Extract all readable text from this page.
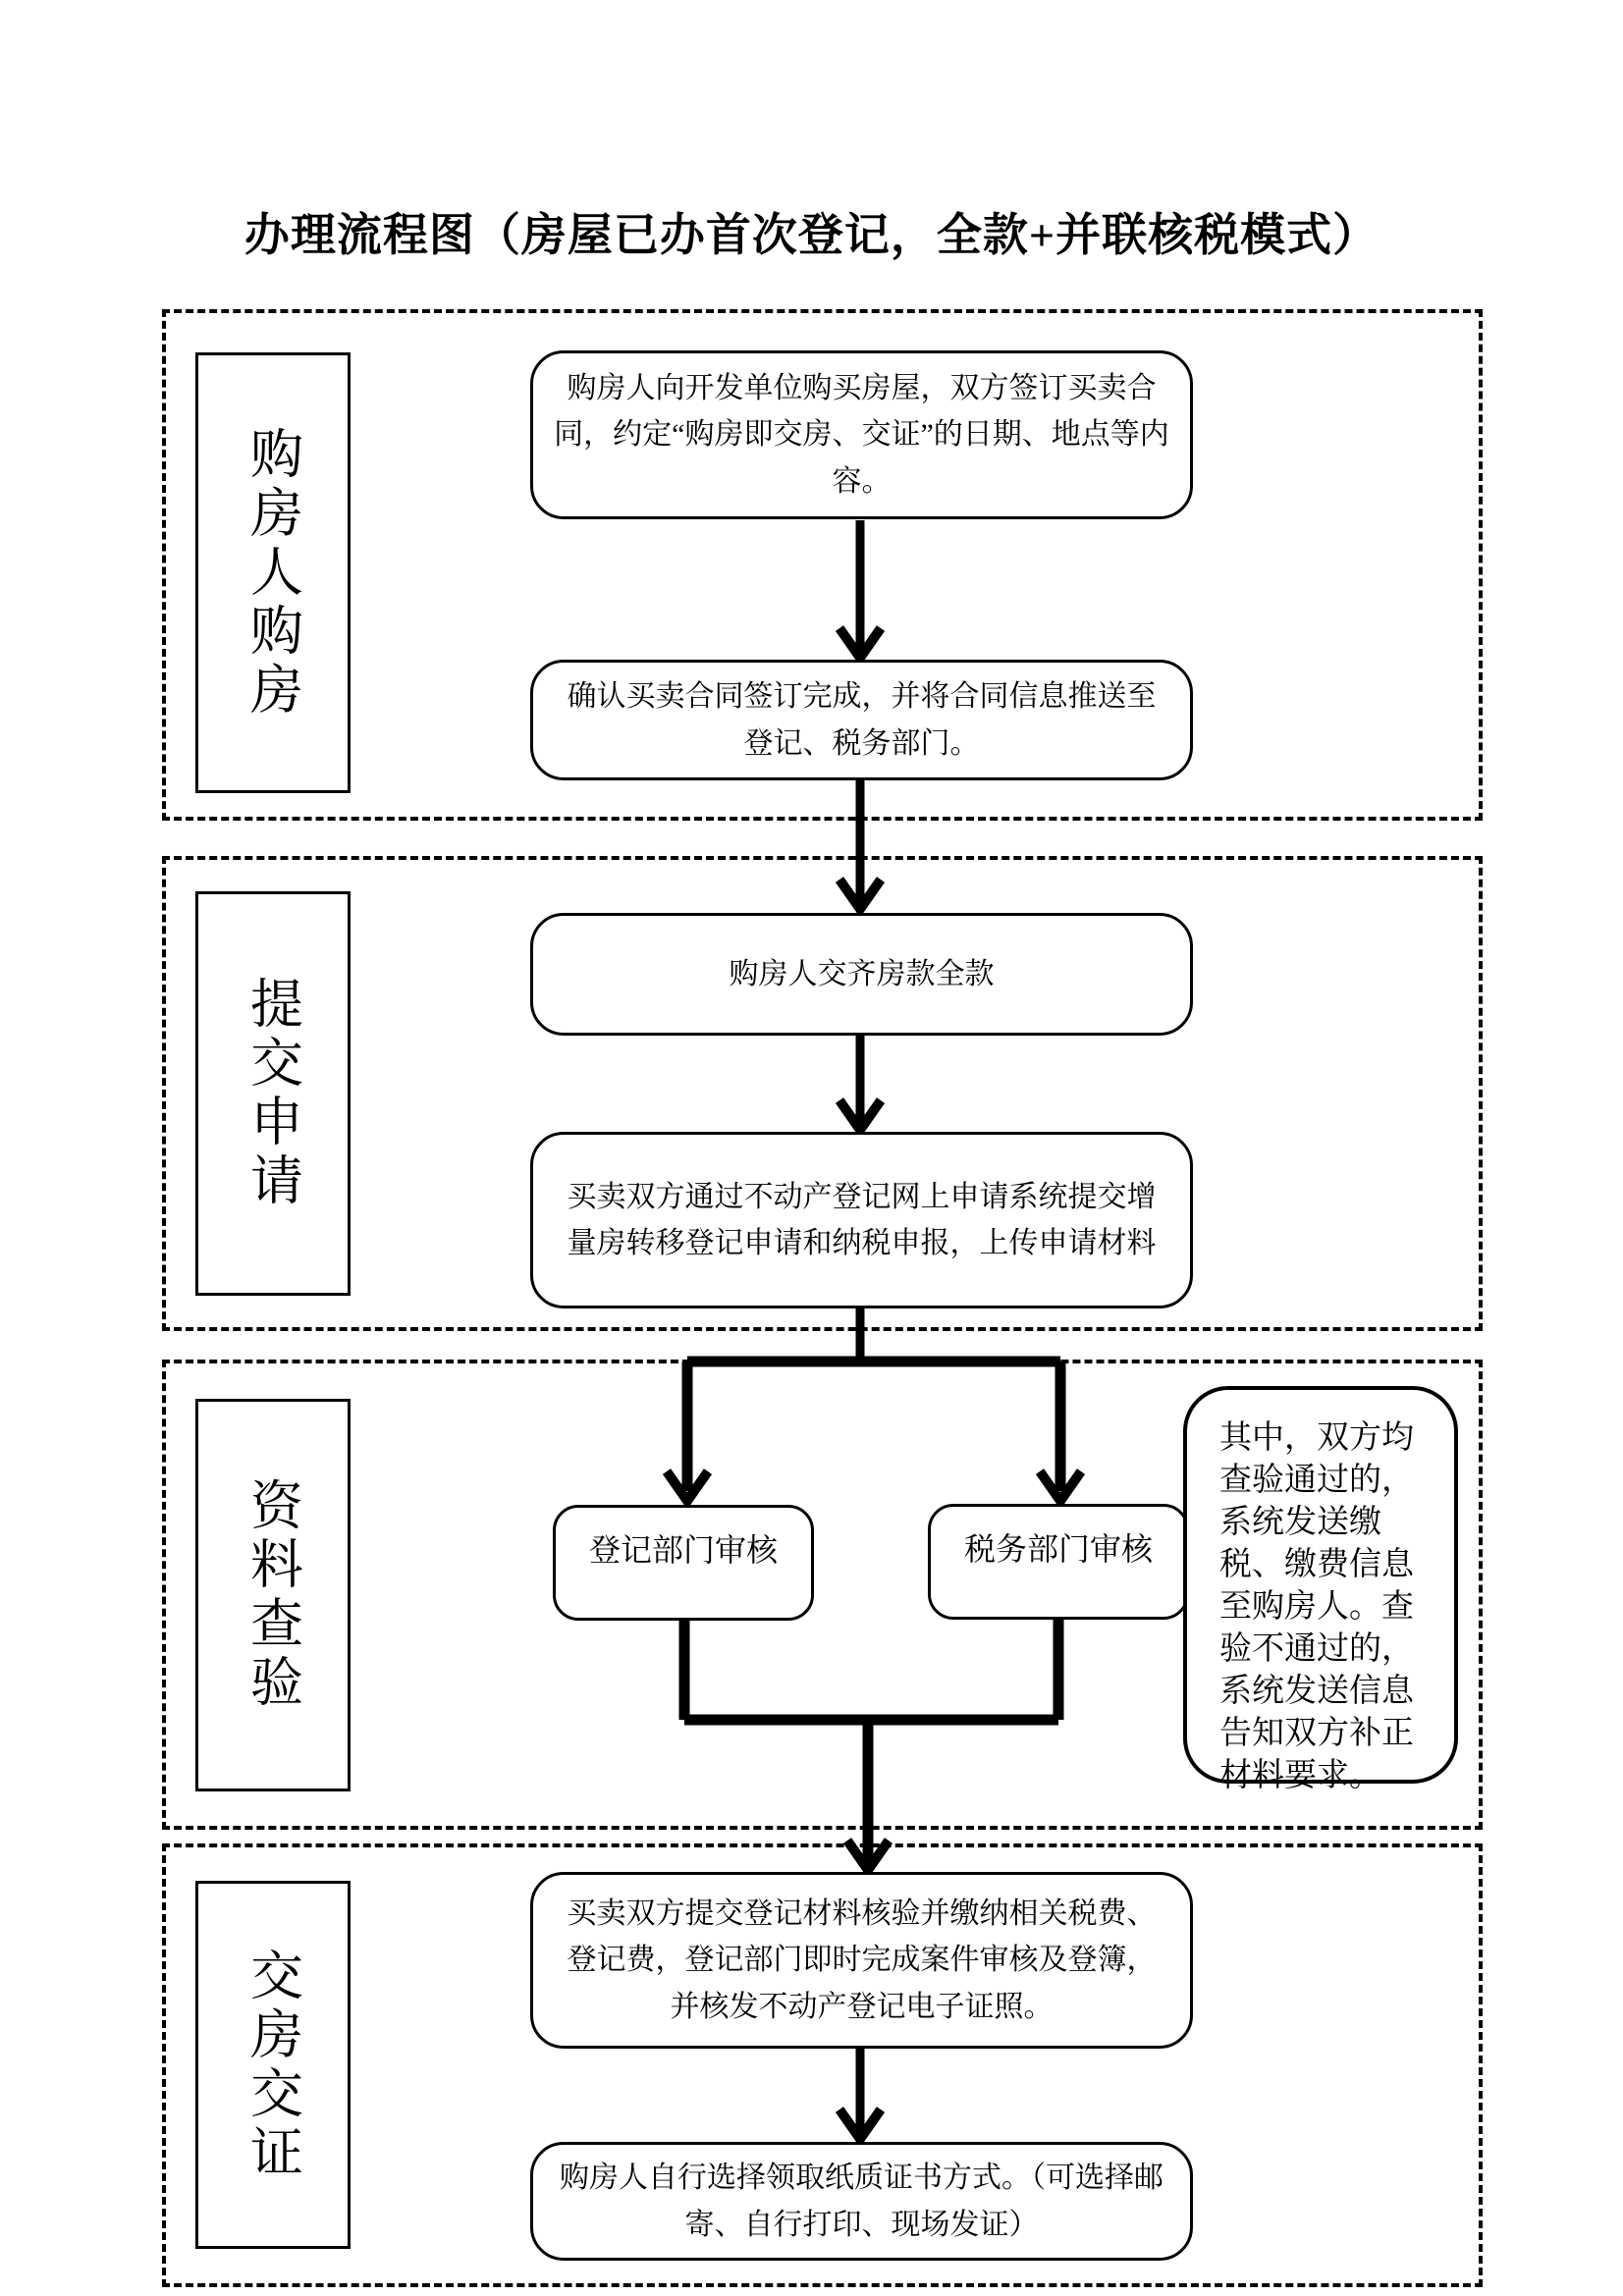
办理流程图（房屋已办首次登记，全款+并联核税模式）
购房人购房
提交申请
资料查验
交房交证
购房人向开发单位购买房屋，双方签订买卖合同，约定“购房即交房、交证”的日期、地点等内容。
确认买卖合同签订完成，并将合同信息推送至登记、税务部门。
购房人交齐房款全款
买卖双方通过不动产登记网上申请系统提交增量房转移登记申请和纳税申报，上传申请材料
登记部门审核	税务部门审核
其中，双方均查验通过的，系统发送缴税、缴费信息至购房人。查验不通过的，系统发送信息告知双方补正材料要求。
买卖双方提交登记材料核验并缴纳相关税费、登记费，登记部门即时完成案件审核及登簿，并核发不动产登记电子证照。
购房人自行选择领取纸质证书方式。（可选择邮寄、自行打印、现场发证）
